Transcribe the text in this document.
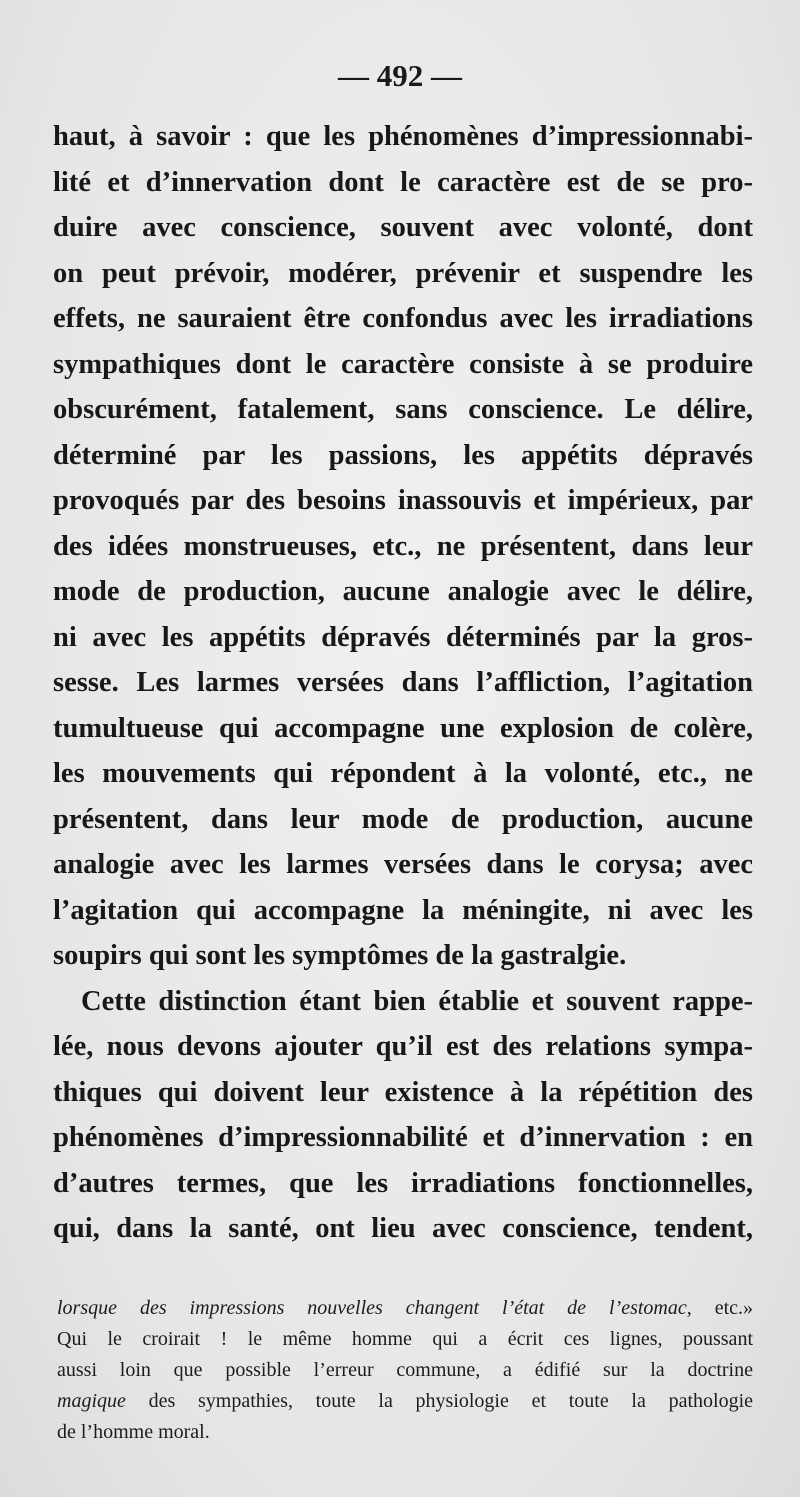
— 492 —
haut, à savoir : que les phénomènes d’impressionnabi-
lité et d’innervation dont le caractère est de se pro-
duire avec conscience, souvent avec volonté, dont
on peut prévoir, modérer, prévenir et suspendre les
effets, ne sauraient être confondus avec les irradiations
sympathiques dont le caractère consiste à se produire
obscurément, fatalement, sans conscience. Le délire,
déterminé par les passions, les appétits dépravés
provoqués par des besoins inassouvis et impérieux, par
des idées monstrueuses, etc., ne présentent, dans leur
mode de production, aucune analogie avec le délire,
ni avec les appétits dépravés déterminés par la gros-
sesse. Les larmes versées dans l’affliction, l’agitation
tumultueuse qui accompagne une explosion de colère,
les mouvements qui répondent à la volonté, etc., ne
présentent, dans leur mode de production, aucune
analogie avec les larmes versées dans le corysa; avec
l’agitation qui accompagne la méningite, ni avec les
soupirs qui sont les symptômes de la gastralgie.
Cette distinction étant bien établie et souvent rappe-
lée, nous devons ajouter qu’il est des relations sympa-
thiques qui doivent leur existence à la répétition des
phénomènes d’impressionnabilité et d’innervation : en
d’autres termes, que les irradiations fonctionnelles,
qui, dans la santé, ont lieu avec conscience, tendent,
lorsque des impressions nouvelles changent l’état de l’estomac, etc.»
Qui le croirait ! le même homme qui a écrit ces lignes, poussant
aussi loin que possible l’erreur commune, a édifié sur la doctrine
magique des sympathies, toute la physiologie et toute la pathologie
de l’homme moral.
